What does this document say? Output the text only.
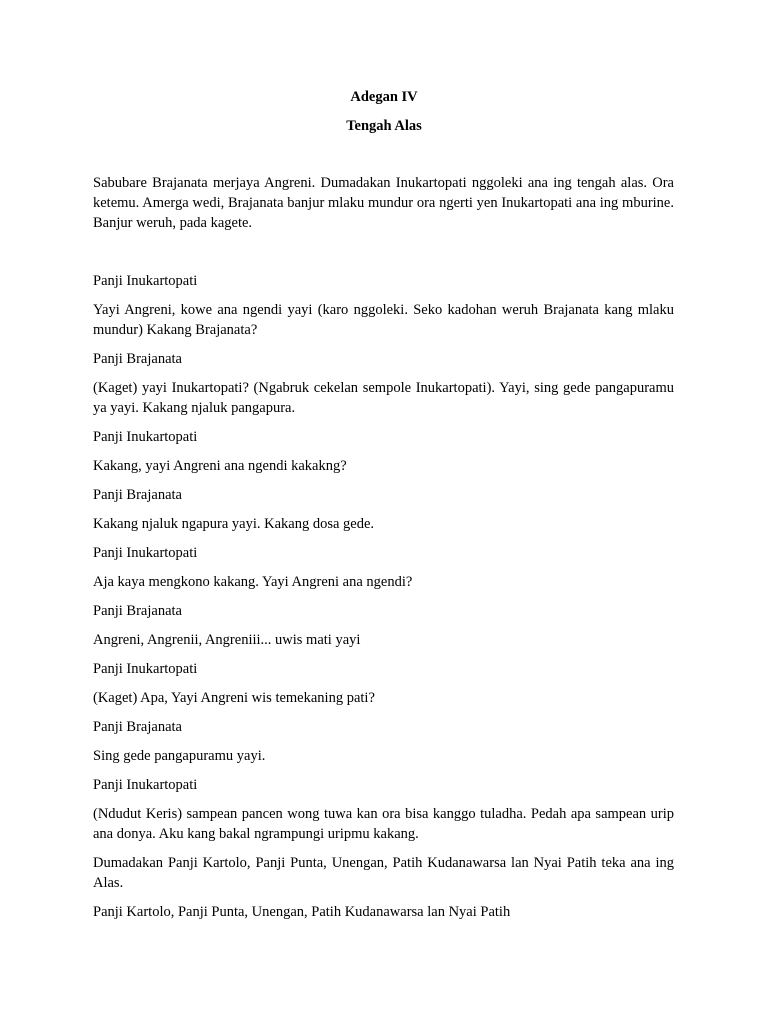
Adegan IV
Tengah Alas

Sabubare Brajanata merjaya Angreni. Dumadakan Inukartopati nggoleki ana ing tengah alas. Ora ketemu. Amerga wedi, Brajanata banjur mlaku mundur ora ngerti yen Inukartopati ana ing mburine. Banjur weruh, pada kagete.

Panji Inukartopati

Yayi Angreni, kowe ana ngendi yayi (karo nggoleki. Seko kadohan weruh Brajanata kang mlaku mundur) Kakang Brajanata?

Panji Brajanata

(Kaget) yayi Inukartopati? (Ngabruk cekelan sempole Inukartopati). Yayi, sing gede pangapuramu ya yayi. Kakang njaluk pangapura.

Panji Inukartopati

Kakang, yayi Angreni ana ngendi kakakng?

Panji Brajanata

Kakang njaluk ngapura yayi. Kakang dosa gede.

Panji Inukartopati

Aja kaya mengkono kakang. Yayi Angreni ana ngendi?

Panji Brajanata

Angreni, Angrenii, Angreniii... uwis mati yayi

Panji Inukartopati

(Kaget) Apa, Yayi Angreni wis temekaning pati?

Panji Brajanata

Sing gede pangapuramu yayi.

Panji Inukartopati

(Ndudut Keris) sampean pancen wong tuwa kan ora bisa kanggo tuladha. Pedah apa sampean urip ana donya. Aku kang bakal ngrampungi uripmu kakang.

Dumadakan Panji Kartolo, Panji Punta, Unengan, Patih Kudanawarsa lan Nyai Patih teka ana ing Alas.

Panji Kartolo, Panji Punta, Unengan, Patih Kudanawarsa lan Nyai Patih
